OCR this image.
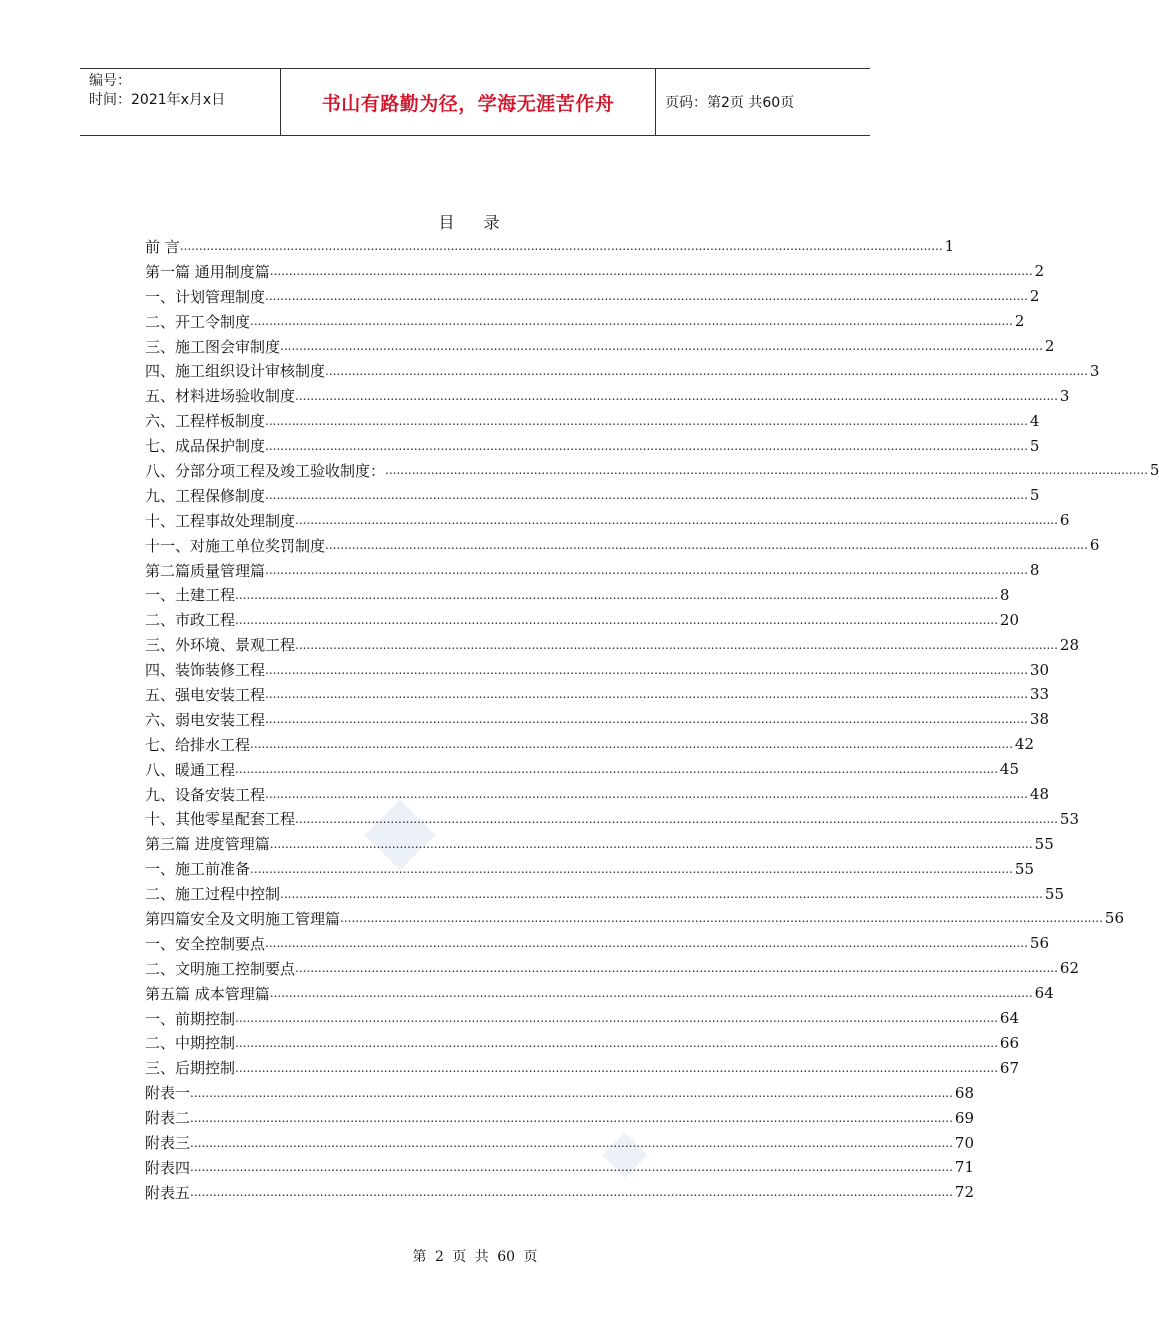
编号：
时间：2021年x月x日	书山有路勤为径，学海无涯苦作舟	页码：第2页 共60页
目 录
前 言 ........................................................................................................................................................................................................ 1
第一篇 通用制度篇 ........................................................................................................................................................................................................ 2
一、 计划管理制度 ........................................................................................................................................................................................................ 2
二、 开工令制度 ........................................................................................................................................................................................................ 2
三、 施工图会审制度 ........................................................................................................................................................................................................ 2
四、 施工组织设计审核制度 ........................................................................................................................................................................................................ 3
五、 材料进场验收制度 ........................................................................................................................................................................................................ 3
六、 工程样板制度 ........................................................................................................................................................................................................ 4
七、 成品保护制度 ........................................................................................................................................................................................................ 5
八、 分部分项工程及竣工验收制度： ........................................................................................................................................................................................................ 5
九、 工程保修制度 ........................................................................................................................................................................................................ 5
十、 工程事故处理制度 ........................................................................................................................................................................................................ 6
十一、对施工单位奖罚制度 ........................................................................................................................................................................................................ 6
第二篇质量管理篇 ........................................................................................................................................................................................................ 8
一、 土建工程 ........................................................................................................................................................................................................ 8
二、 市政工程 ........................................................................................................................................................................................................ 20
三、 外环境、景观工程 ........................................................................................................................................................................................................ 28
四、 装饰装修工程 ........................................................................................................................................................................................................ 30
五、 强电安装工程 ........................................................................................................................................................................................................ 33
六、 弱电安装工程 ........................................................................................................................................................................................................ 38
七、 给排水工程 ........................................................................................................................................................................................................ 42
八、 暖通工程 ........................................................................................................................................................................................................ 45
九、 设备安装工程 ........................................................................................................................................................................................................ 48
十、 其他零星配套工程 ........................................................................................................................................................................................................ 53
第三篇 进度管理篇 ........................................................................................................................................................................................................ 55
一、 施工前准备 ........................................................................................................................................................................................................ 55
二、 施工过程中控制 ........................................................................................................................................................................................................ 55
第四篇安全及文明施工管理篇 ........................................................................................................................................................................................................ 56
一、 安全控制要点 ........................................................................................................................................................................................................ 56
二、 文明施工控制要点 ........................................................................................................................................................................................................ 62
第五篇 成本管理篇 ........................................................................................................................................................................................................ 64
一、 前期控制 ........................................................................................................................................................................................................ 64
二、 中期控制 ........................................................................................................................................................................................................ 66
三、 后期控制 ........................................................................................................................................................................................................ 67
附表一 ........................................................................................................................................................................................................ 68
附表二 ........................................................................................................................................................................................................ 69
附表三 ........................................................................................................................................................................................................ 70
附表四 ........................................................................................................................................................................................................ 71
附表五 ........................................................................................................................................................................................................ 72
第 2 页 共 60 页
